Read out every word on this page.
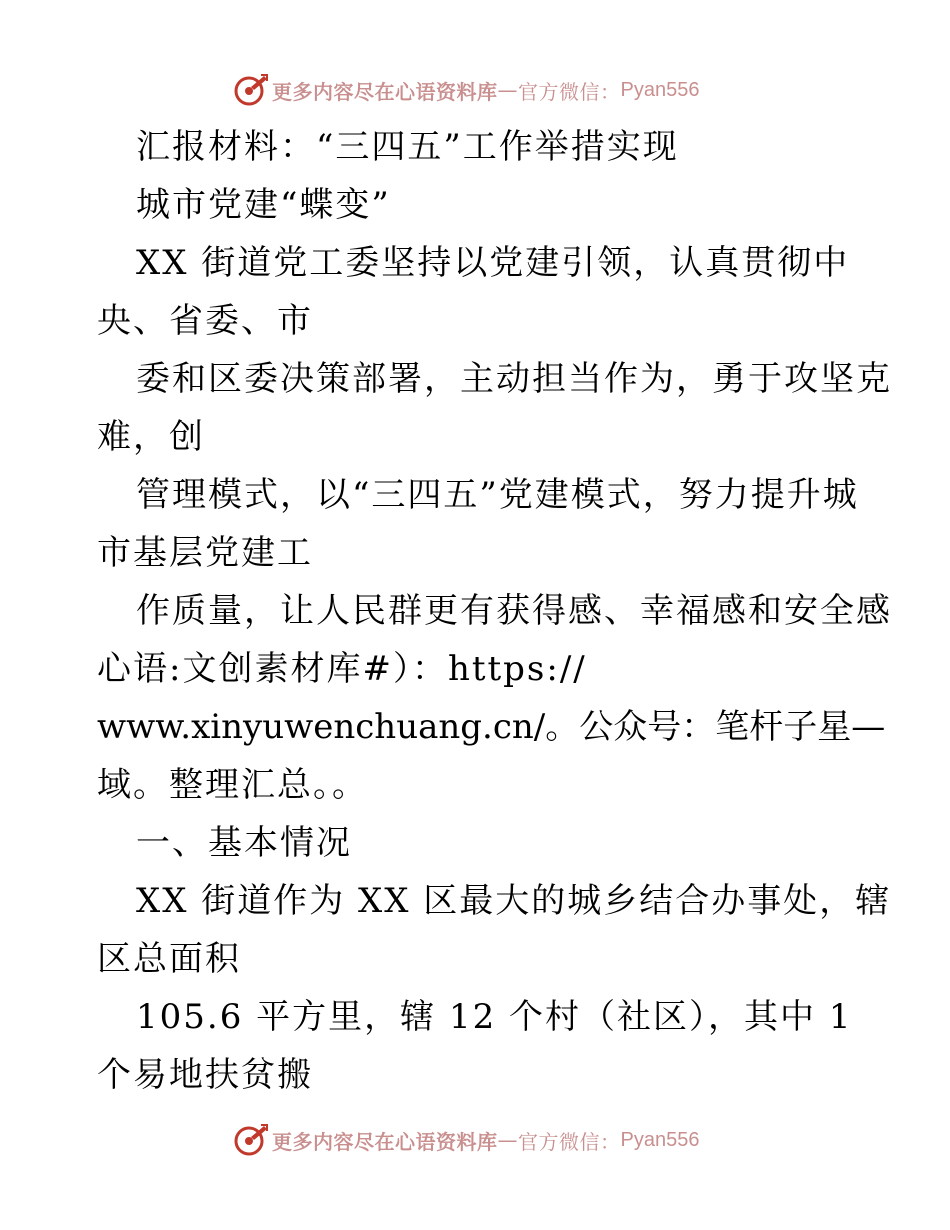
更多内容尽在心语资料库 — 官方微信： Pyan556
汇报材料：“三四五”工作举措实现
城市党建“蝶变”
XX 街道党工委坚持以党建引领，认真贯彻中
央、省委、市
委和区委决策部署，主动担当作为，勇于攻坚克
难，创
管理模式，以“三四五”党建模式，努力提升城
市基层党建工
作质量，让人民群更有获得感、幸福感和安全感
心语:文创素材库#）：https://
www.xinyuwenchuang.cn/。公众号：笔杆子星—
域。整理汇总。。
一、基本情况
XX 街道作为 XX 区最大的城乡结合办事处，辖
区总面积
105.6 平方里，辖 12 个村（社区），其中 1
个易地扶贫搬
更多内容尽在心语资料库 — 官方微信： Pyan556
